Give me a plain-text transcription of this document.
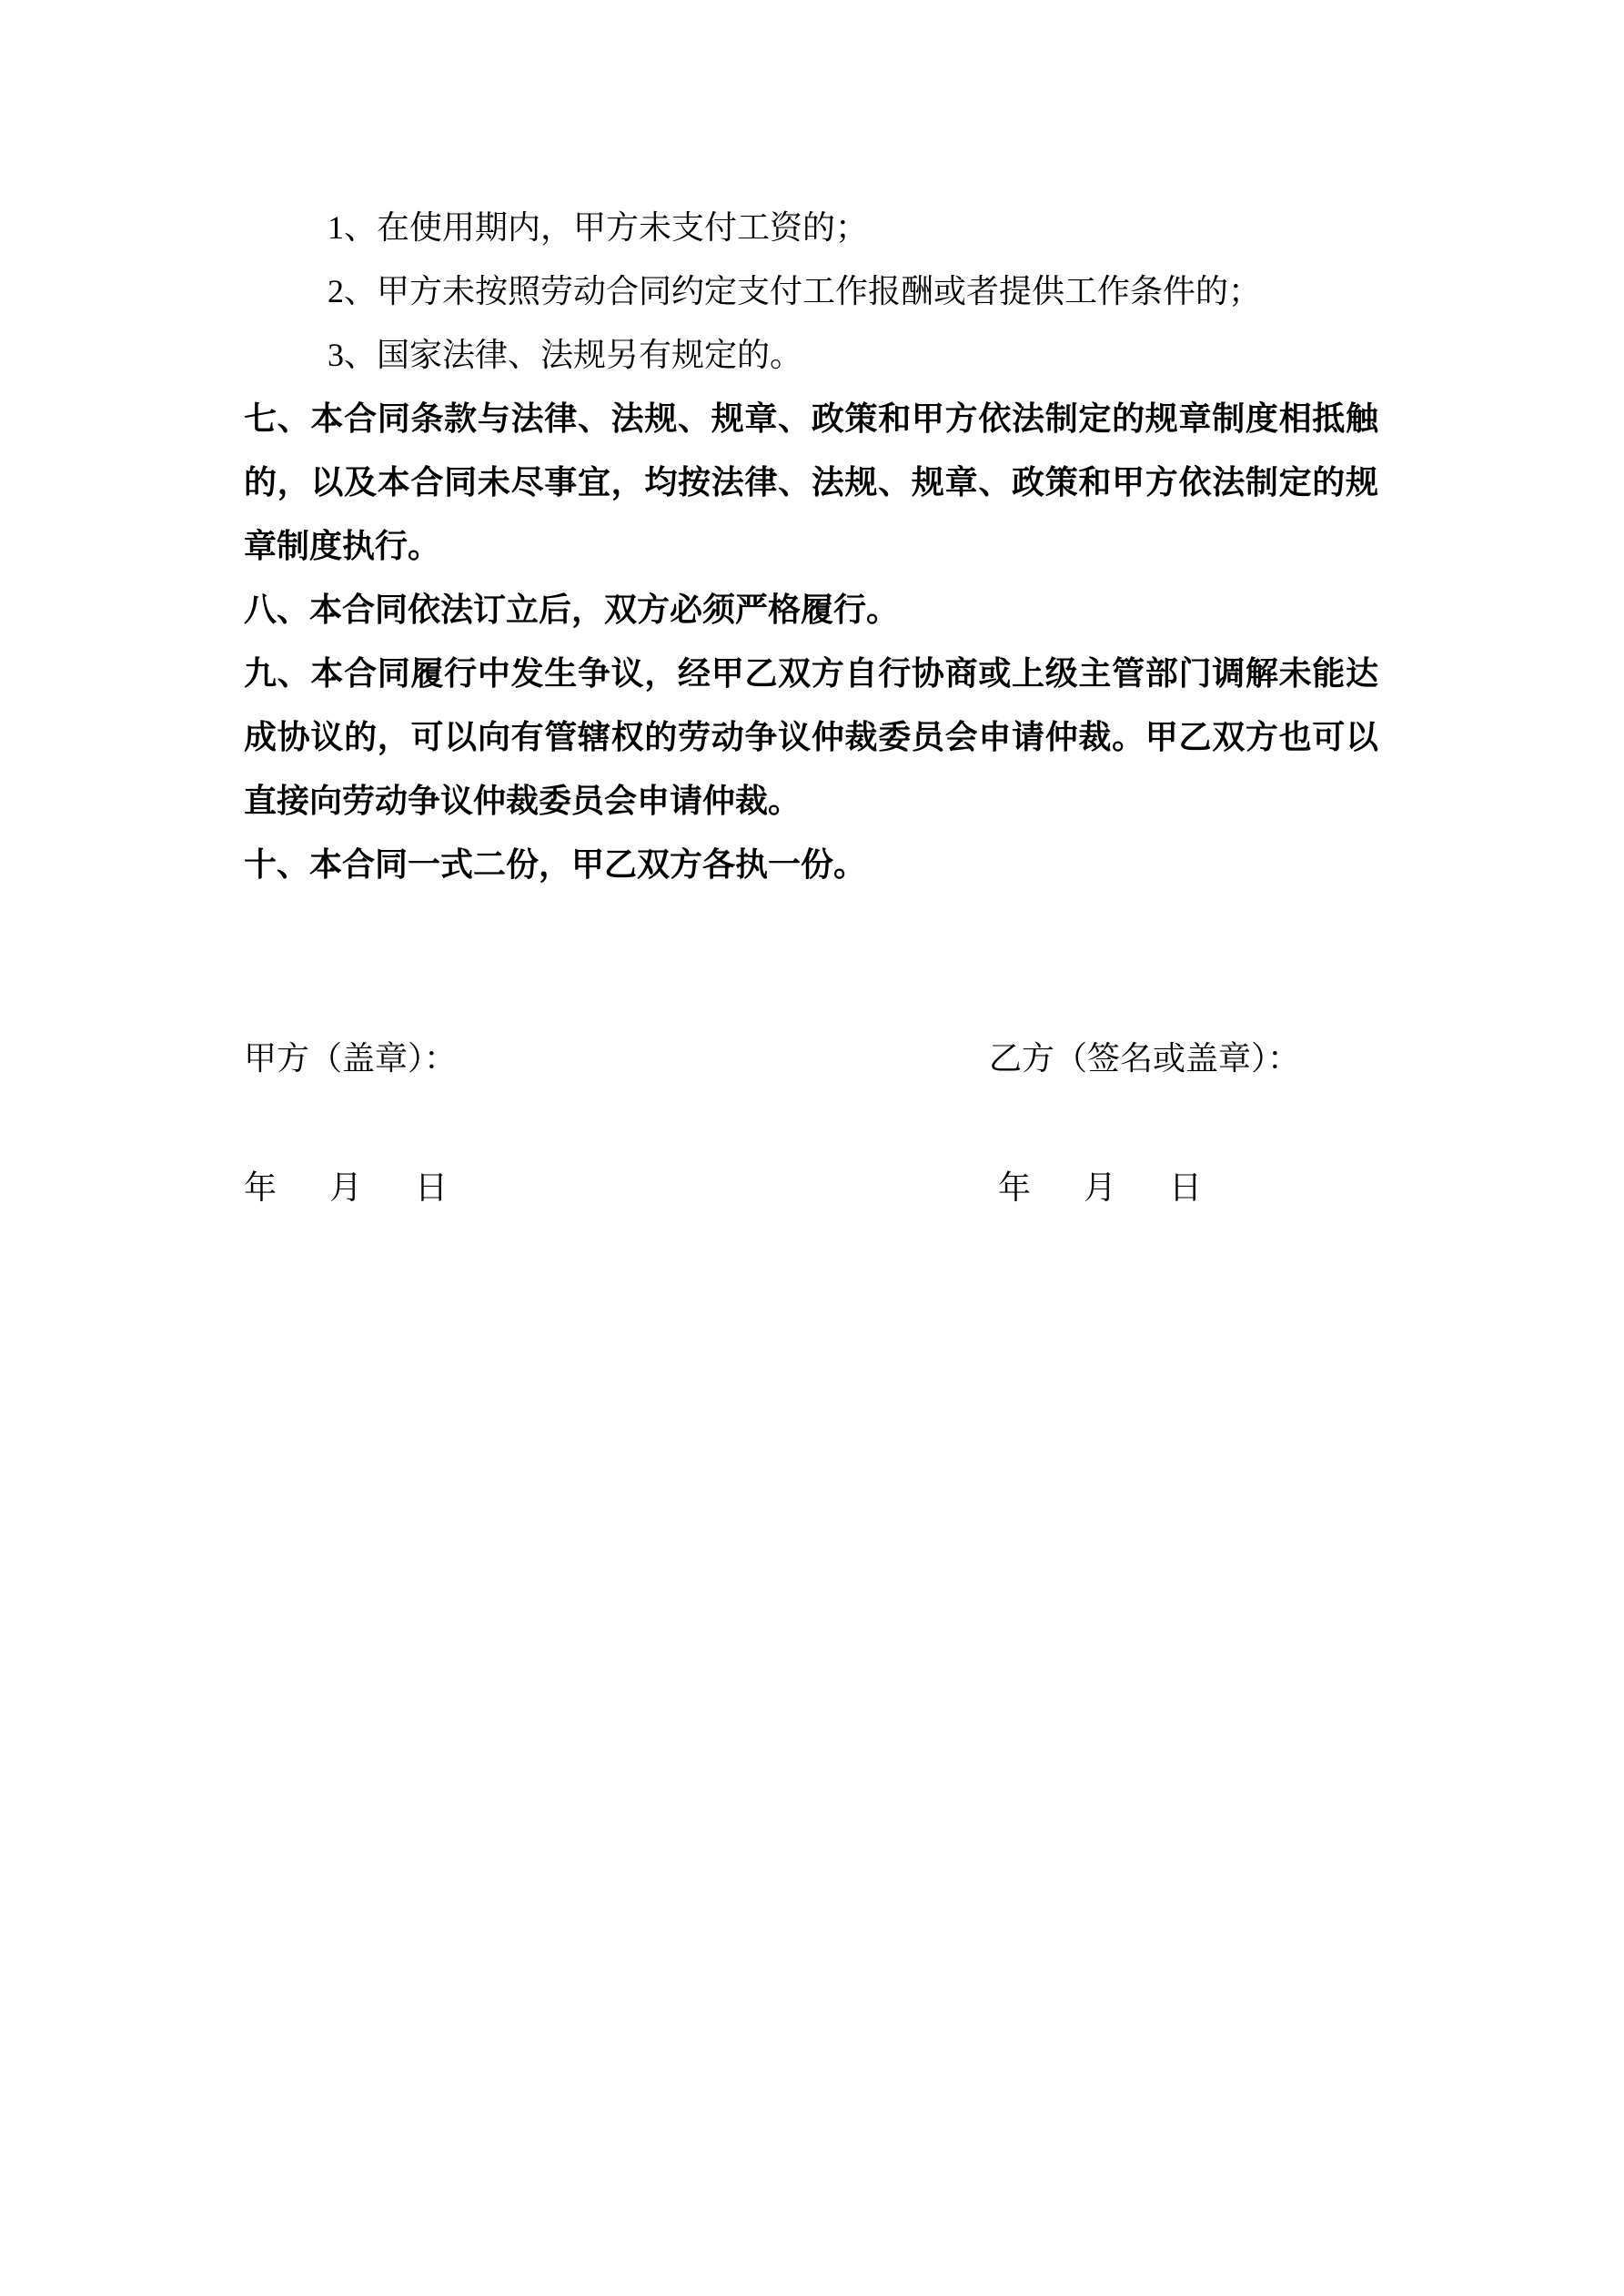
1、在使用期内，甲方未支付工资的；
2、甲方未按照劳动合同约定支付工作报酬或者提供工作条件的；
3、国家法律、法规另有规定的。
七、本合同条款与法律、法规、规章、政策和甲方依法制定的规章制度相抵触
的，以及本合同未尽事宜，均按法律、法规、规章、政策和甲方依法制定的规
章制度执行。
八、本合同依法订立后，双方必须严格履行。
九、本合同履行中发生争议，经甲乙双方自行协商或上级主管部门调解未能达
成协议的，可以向有管辖权的劳动争议仲裁委员会申请仲裁。甲乙双方也可以
直接向劳动争议仲裁委员会申请仲裁。
十、本合同一式二份，甲乙双方各执一份。
甲方（盖章）：	乙方（签名或盖章）：
年 月 日	年 月 日
